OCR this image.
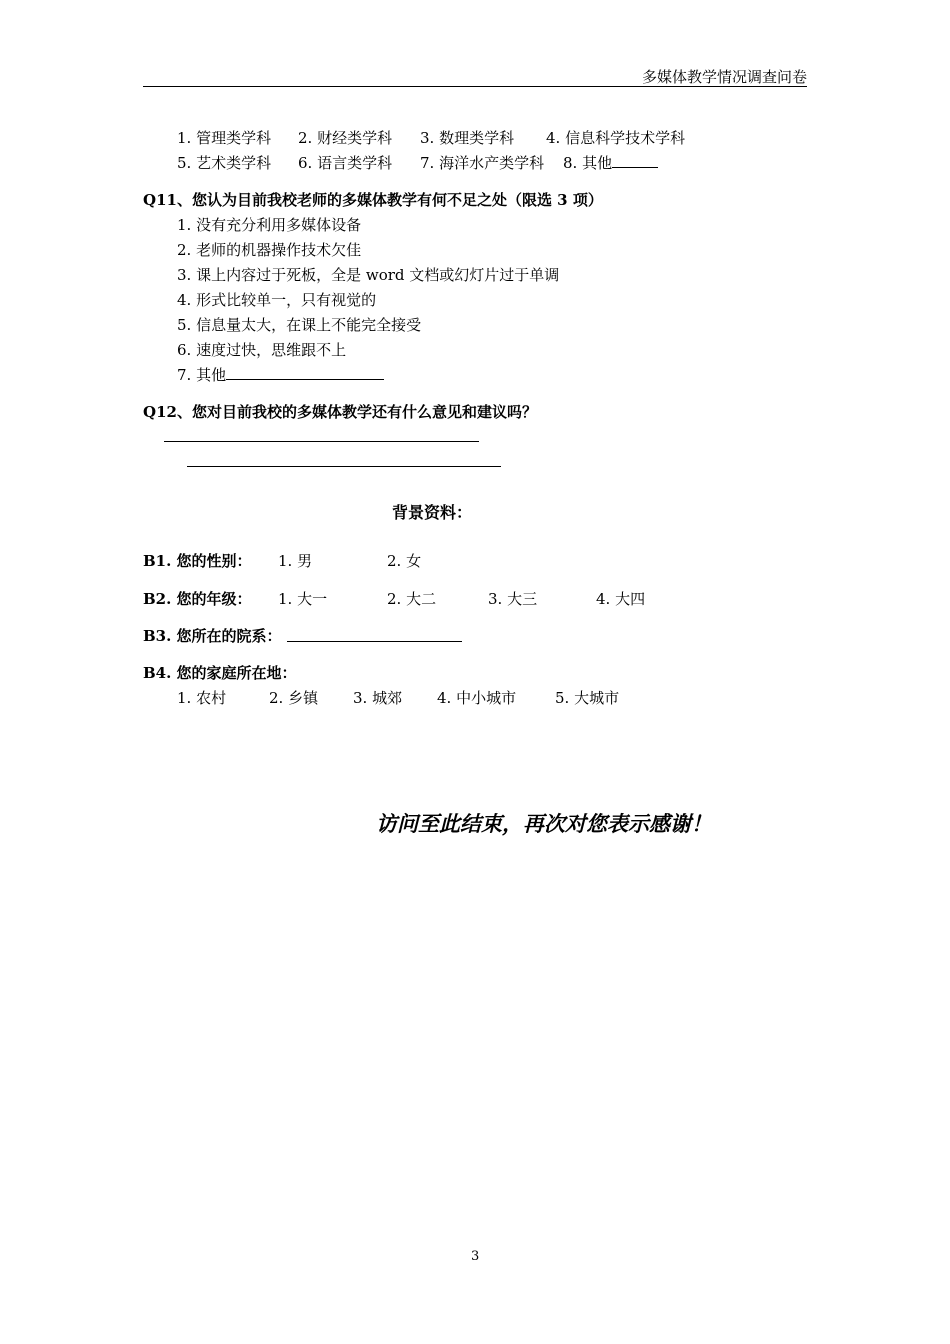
多媒体教学情况调查问卷
1. 管理类学科 2. 财经类学科 3. 数理类学科 4. 信息科学技术学科
5. 艺术类学科 6. 语言类学科 7. 海洋水产类学科 8. 其他
Q11、您认为目前我校老师的多媒体教学有何不足之处（限选 3 项）
1. 没有充分利用多媒体设备
2. 老师的机器操作技术欠佳
3. 课上内容过于死板，全是 word 文档或幻灯片过于单调
4. 形式比较单一，只有视觉的
5. 信息量太大，在课上不能完全接受
6. 速度过快，思维跟不上
7. 其他
Q12、您对目前我校的多媒体教学还有什么意见和建议吗？
背景资料：
B1. 您的性别： 1. 男	2. 女
B2. 您的年级： 1. 大一	2. 大二	3. 大三	4. 大四
B3. 您所在的院系：
B4. 您的家庭所在地：
1. 农村	2. 乡镇 3. 城郊 4. 中小城市	5. 大城市
访问至此结束，再次对您表示感谢！
3
